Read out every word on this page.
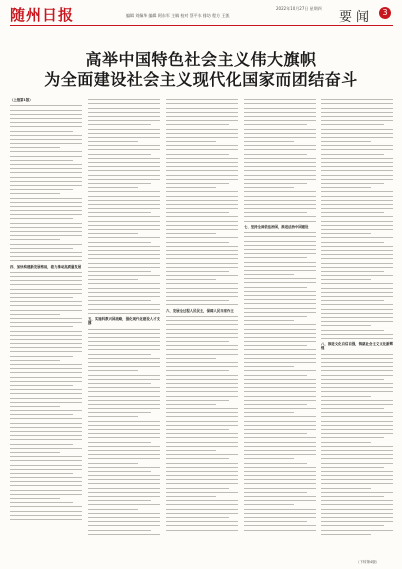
随州日报	编辑 刘佩华 编辑 阿东军 主稿 校对 蔡平水 排坊 程方 王凯
2022年10月27日 星期四
要闻	3
高举中国特色社会主义伟大旗帜
为全面建设社会主义现代化国家而团结奋斗

（上接第1版）

四、加快构建新发展格局，着力推动高质量发展

五、实施科教兴国战略，强化现代化建设人才支撑

六、发展全过程人民民主，保障人民当家作主

七、坚持全面依法治国，推进法治中国建设

八、推进文化自信自强，铸就社会主义文化新辉煌

（下转第4版）
